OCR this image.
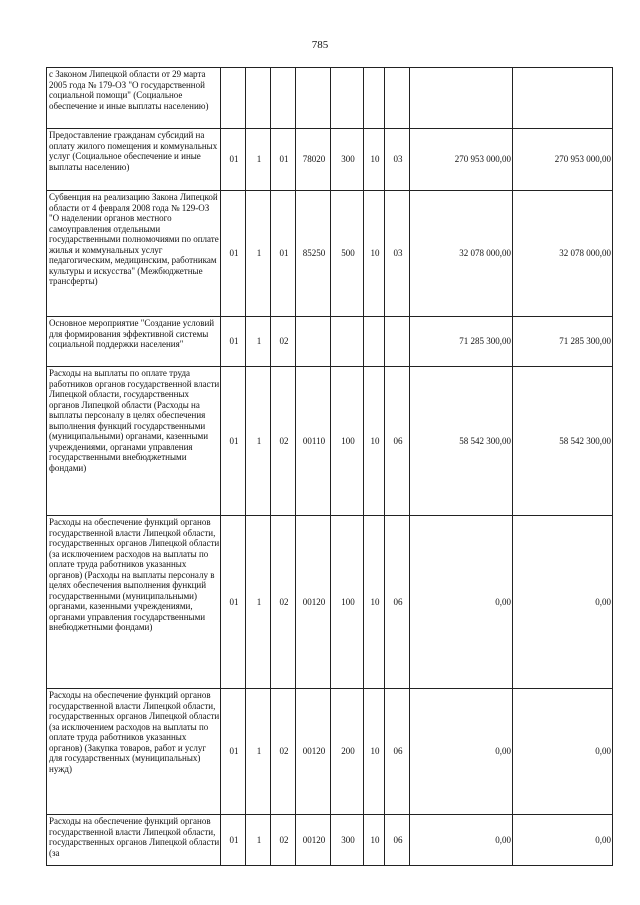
785
с Законом Липецкой области от 29 марта 2005 года № 179-ОЗ "О государственной социальной помощи" (Социальное обеспечение и иные выплаты населению)									
Предоставление гражданам субсидий на оплату жилого помещения и коммунальных услуг (Социальное обеспечение и иные выплаты населению)	01	1	01	78020	300	10	03	270 953 000,00	270 953 000,00
Субвенция на реализацию Закона Липецкой области от 4 февраля 2008 года № 129-ОЗ "О наделении органов местного самоуправления отдельными государственными полномочиями по оплате жилья и коммунальных услуг педагогическим, медицинским, работникам культуры и искусства" (Межбюджетные трансферты)	01	1	01	85250	500	10	03	32 078 000,00	32 078 000,00
Основное мероприятие "Создание условий для формирования эффективной системы социальной поддержки населения"	01	1	02					71 285 300,00	71 285 300,00
Расходы на выплаты по оплате труда работников органов государственной власти Липецкой области, государственных органов Липецкой области (Расходы на выплаты персоналу в целях обеспечения выполнения функций государственными (муниципальными) органами, казенными учреждениями, органами управления государственными внебюджетными фондами)	01	1	02	00110	100	10	06	58 542 300,00	58 542 300,00
Расходы на обеспечение функций органов государственной власти Липецкой области, государственных органов Липецкой области (за исключением расходов на выплаты по оплате труда работников указанных органов) (Расходы на выплаты персоналу в целях обеспечения выполнения функций государственными (муниципальными) органами, казенными учреждениями, органами управления государственными внебюджетными фондами)	01	1	02	00120	100	10	06	0,00	0,00
Расходы на обеспечение функций органов государственной власти Липецкой области, государственных органов Липецкой области (за исключением расходов на выплаты по оплате труда работников указанных органов) (Закупка товаров, работ и услуг для государственных (муниципальных) нужд)	01	1	02	00120	200	10	06	0,00	0,00
Расходы на обеспечение функций органов государственной власти Липецкой области, государственных органов Липецкой области (за	01	1	02	00120	300	10	06	0,00	0,00
